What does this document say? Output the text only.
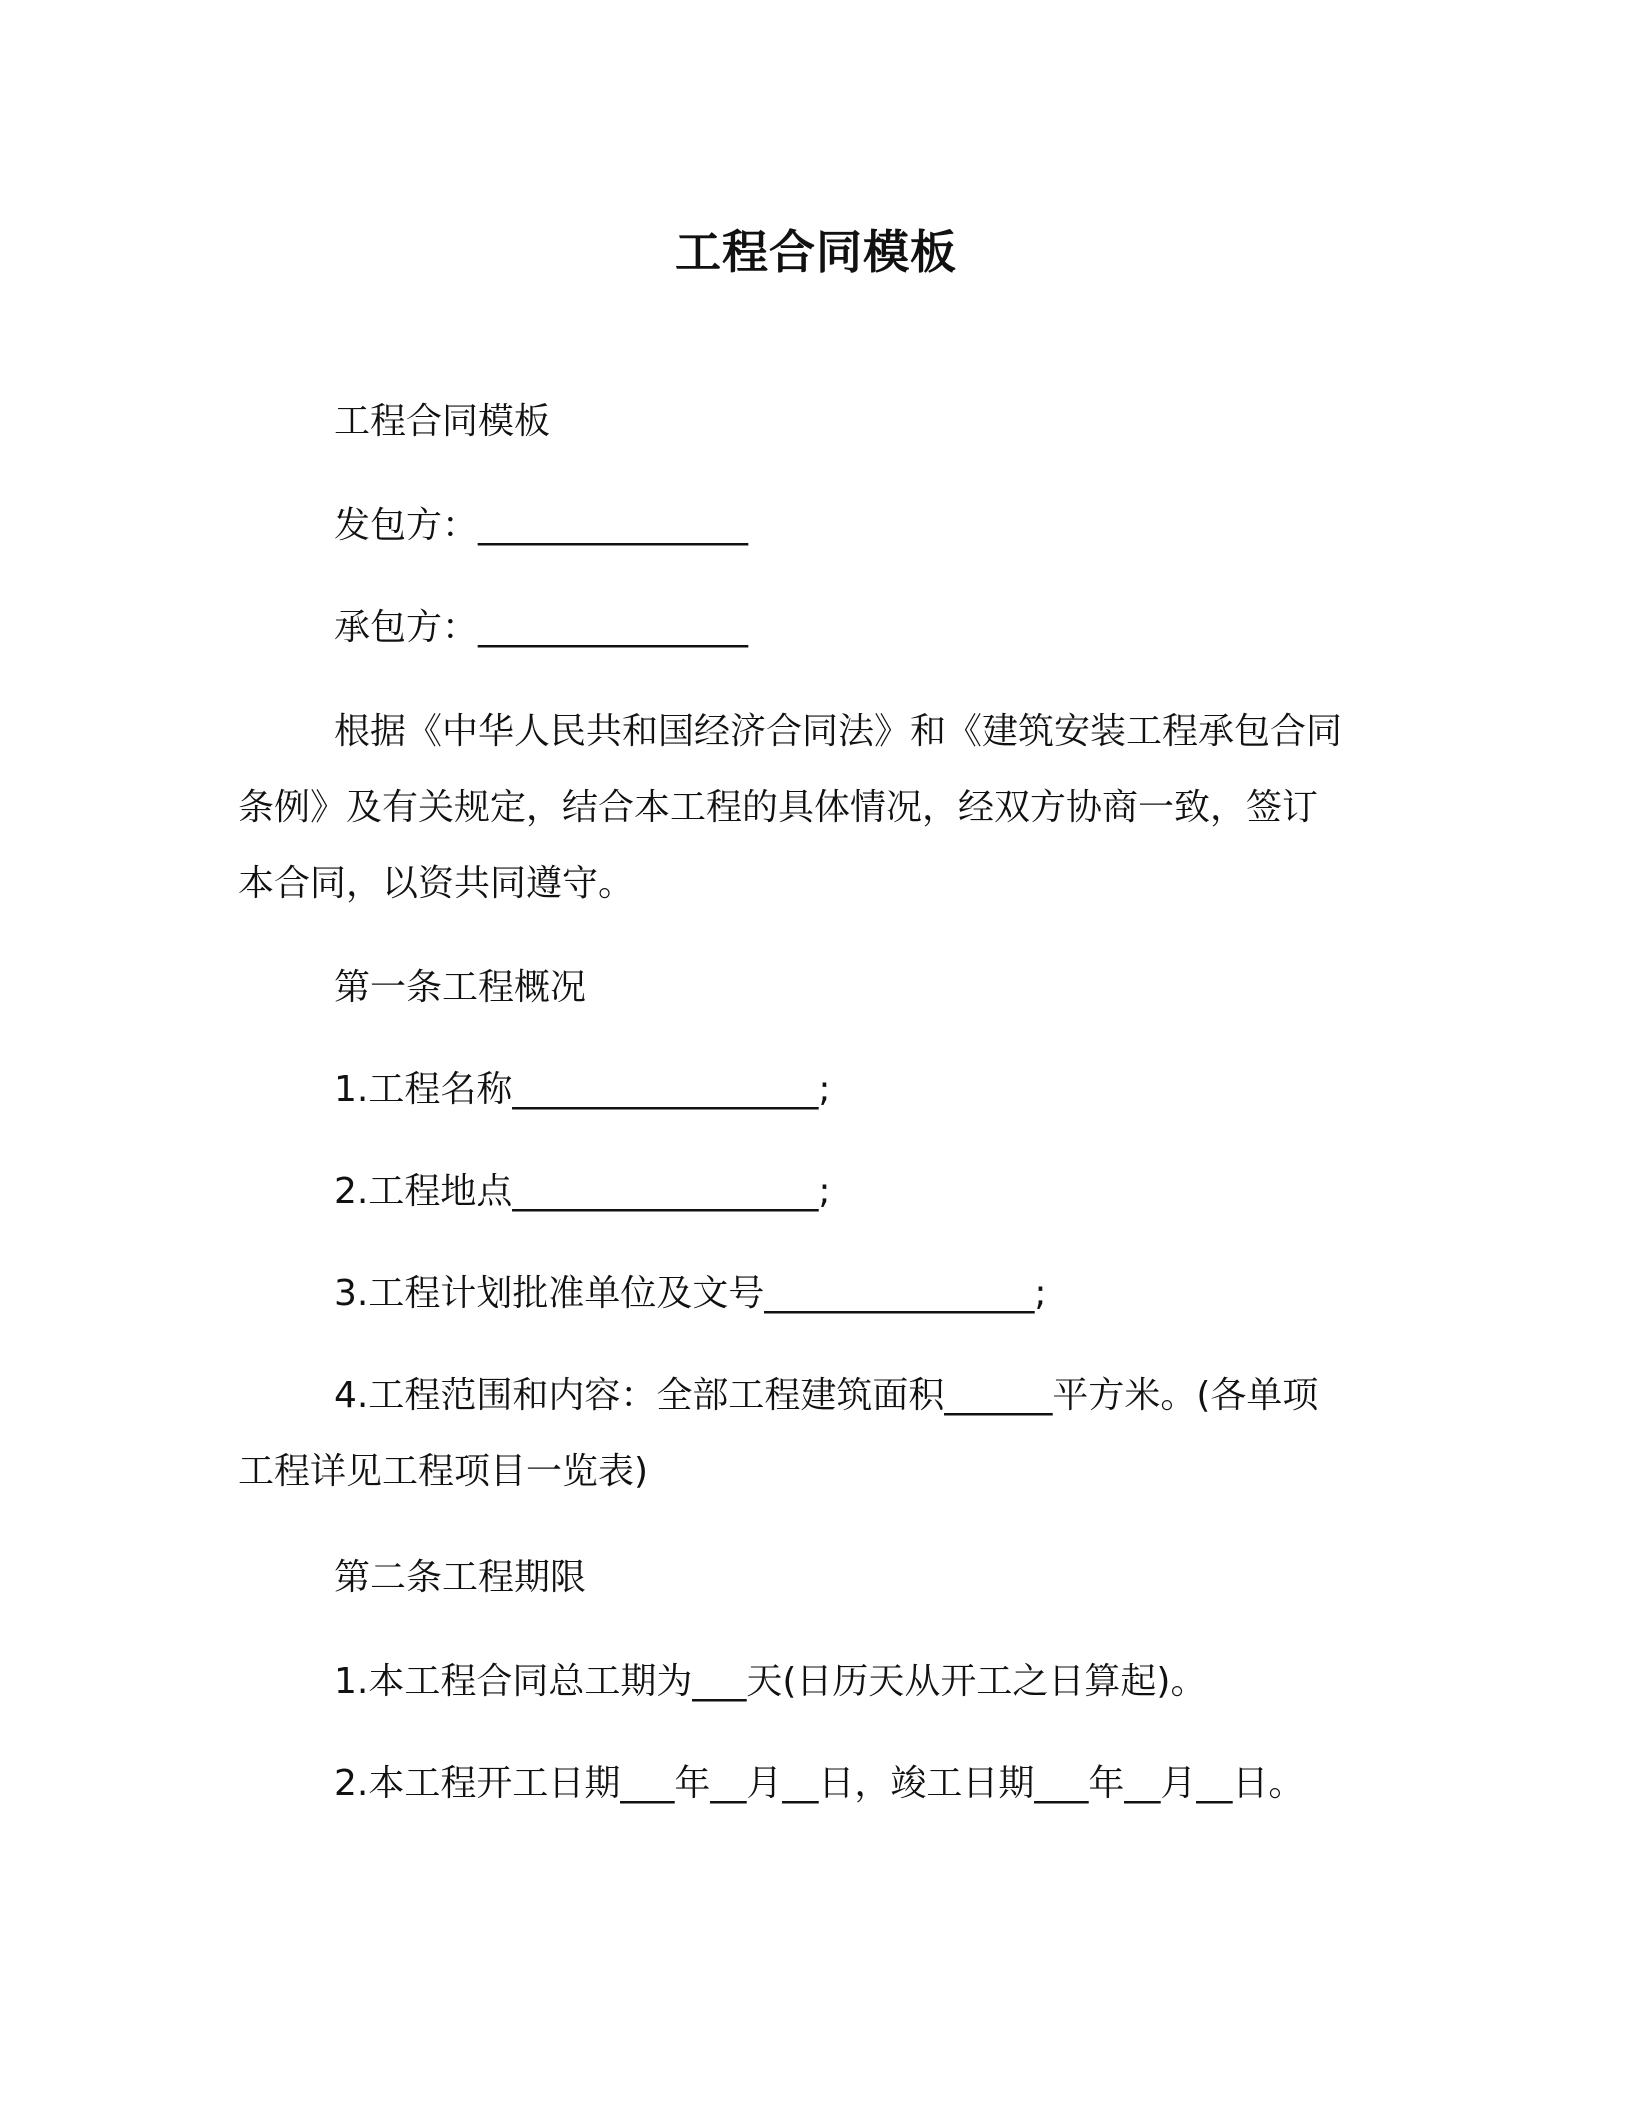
工程合同模板
工程合同模板
发包方：_______________
承包方：_______________
根据《中华人民共和国经济合同法》和《建筑安装工程承包合同
条例》及有关规定，结合本工程的具体情况，经双方协商一致，签订
本合同，以资共同遵守。
第一条工程概况
1.工程名称_________________;
2.工程地点_________________;
3.工程计划批准单位及文号_______________;
4.工程范围和内容：全部工程建筑面积______平方米。(各单项
工程详见工程项目一览表)
第二条工程期限
1.本工程合同总工期为___天(日历天从开工之日算起)。
2.本工程开工日期___年__月__日，竣工日期___年__月__日。
